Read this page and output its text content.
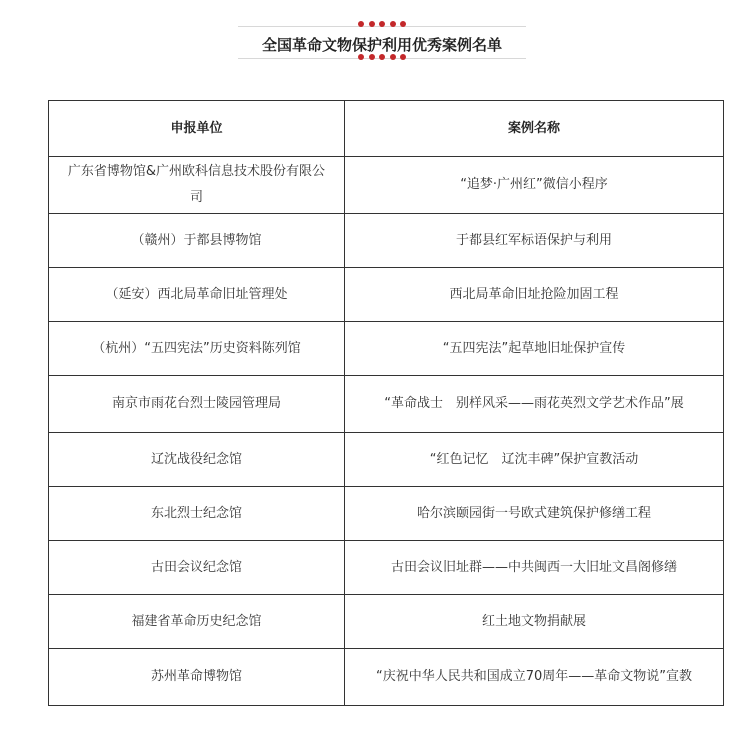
全国革命文物保护利用优秀案例名单
申报单位	案例名称
广东省博物馆&广州欧科信息技术股份有限公司	“追梦·广州红”微信小程序
（赣州）于都县博物馆	于都县红军标语保护与利用
（延安）西北局革命旧址管理处	西北局革命旧址抢险加固工程
（杭州）“五四宪法”历史资料陈列馆	“五四宪法”起草地旧址保护宣传
南京市雨花台烈士陵园管理局	“革命战士　别样风采——雨花英烈文学艺术作品”展
辽沈战役纪念馆	“红色记忆　辽沈丰碑”保护宣教活动
东北烈士纪念馆	哈尔滨颐园街一号欧式建筑保护修缮工程
古田会议纪念馆	古田会议旧址群——中共闽西一大旧址文昌阁修缮
福建省革命历史纪念馆	红土地文物捐献展
苏州革命博物馆	“庆祝中华人民共和国成立70周年——革命文物说”宣教
